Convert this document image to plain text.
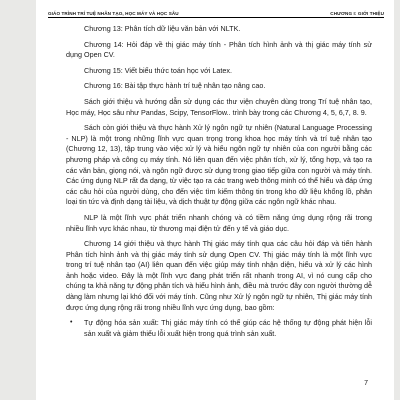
GIÁO TRÌNH TRÍ TUỆ NHÂN TẠO, HỌC MÁY VÀ HỌC SÂU	CHƯƠNG I: GIỚI THIỆU

Chương 13: Phân tích dữ liệu văn bản với NLTK.

Chương 14: Hỏi đáp về thị giác máy tính - Phân tích hình ảnh và thị giác máy tính sử dụng Open CV.

Chương 15: Viết biểu thức toán học với Latex.

Chương 16: Bài tập thực hành trí tuệ nhân tạo nâng cao.

Sách giới thiệu và hướng dẫn sử dụng các thư viện chuyên dùng trong Trí tuệ nhân tạo, Học máy, Học sâu như Pandas, Scipy, TensorFlow.. trình bày trong các Chương 4, 5, 6,7, 8. 9.

Sách còn giới thiệu và thực hành Xử lý ngôn ngữ tự nhiên (Natural Language Processing - NLP) là một trong những lĩnh vực quan trọng trong khoa học máy tính và trí tuệ nhân tạo (Chương 12, 13), tập trung vào việc xử lý và hiểu ngôn ngữ tự nhiên của con người bằng các phương pháp và công cụ máy tính. Nó liên quan đến việc phân tích, xử lý, tổng hợp, và tạo ra các văn bản, giọng nói, và ngôn ngữ được sử dụng trong giao tiếp giữa con người và máy tính. Các ứng dụng NLP rất đa dạng, từ việc tạo ra các trang web thông minh có thể hiểu và đáp ứng các câu hỏi của người dùng, cho đến việc tìm kiếm thông tin trong kho dữ liệu khổng lồ, phân loại tin tức và định dạng tài liệu, và dịch thuật tự động giữa các ngôn ngữ khác nhau.

NLP là một lĩnh vực phát triển nhanh chóng và có tiềm năng ứng dụng rộng rãi trong nhiều lĩnh vực khác nhau, từ thương mại điện tử đến y tế và giáo dục.

Chương 14 giới thiệu và thực hành Thị giác máy tính qua các câu hỏi đáp và tiến hành Phân tích hình ảnh và thị giác máy tính sử dụng Open CV. Thị giác máy tính là một lĩnh vực trong trí tuệ nhân tạo (AI) liên quan đến việc giúp máy tính nhận diện, hiểu và xử lý các hình ảnh hoặc video. Đây là một lĩnh vực đang phát triển rất nhanh trong AI, vì nó cung cấp cho chúng ta khả năng tự động phân tích và hiểu hình ảnh, điều mà trước đây con người thường dễ dàng làm nhưng lại khó đối với máy tính. Cũng như Xử lý ngôn ngữ tự nhiên, Thị giác máy tính được ứng dụng rộng rãi trong nhiều lĩnh vực ứng dụng, bao gồm:

•	Tự động hóa sản xuất: Thị giác máy tính có thể giúp các hệ thống tự động phát hiện lỗi sản xuất và giảm thiểu lỗi xuất hiện trong quá trình sản xuất.
7
